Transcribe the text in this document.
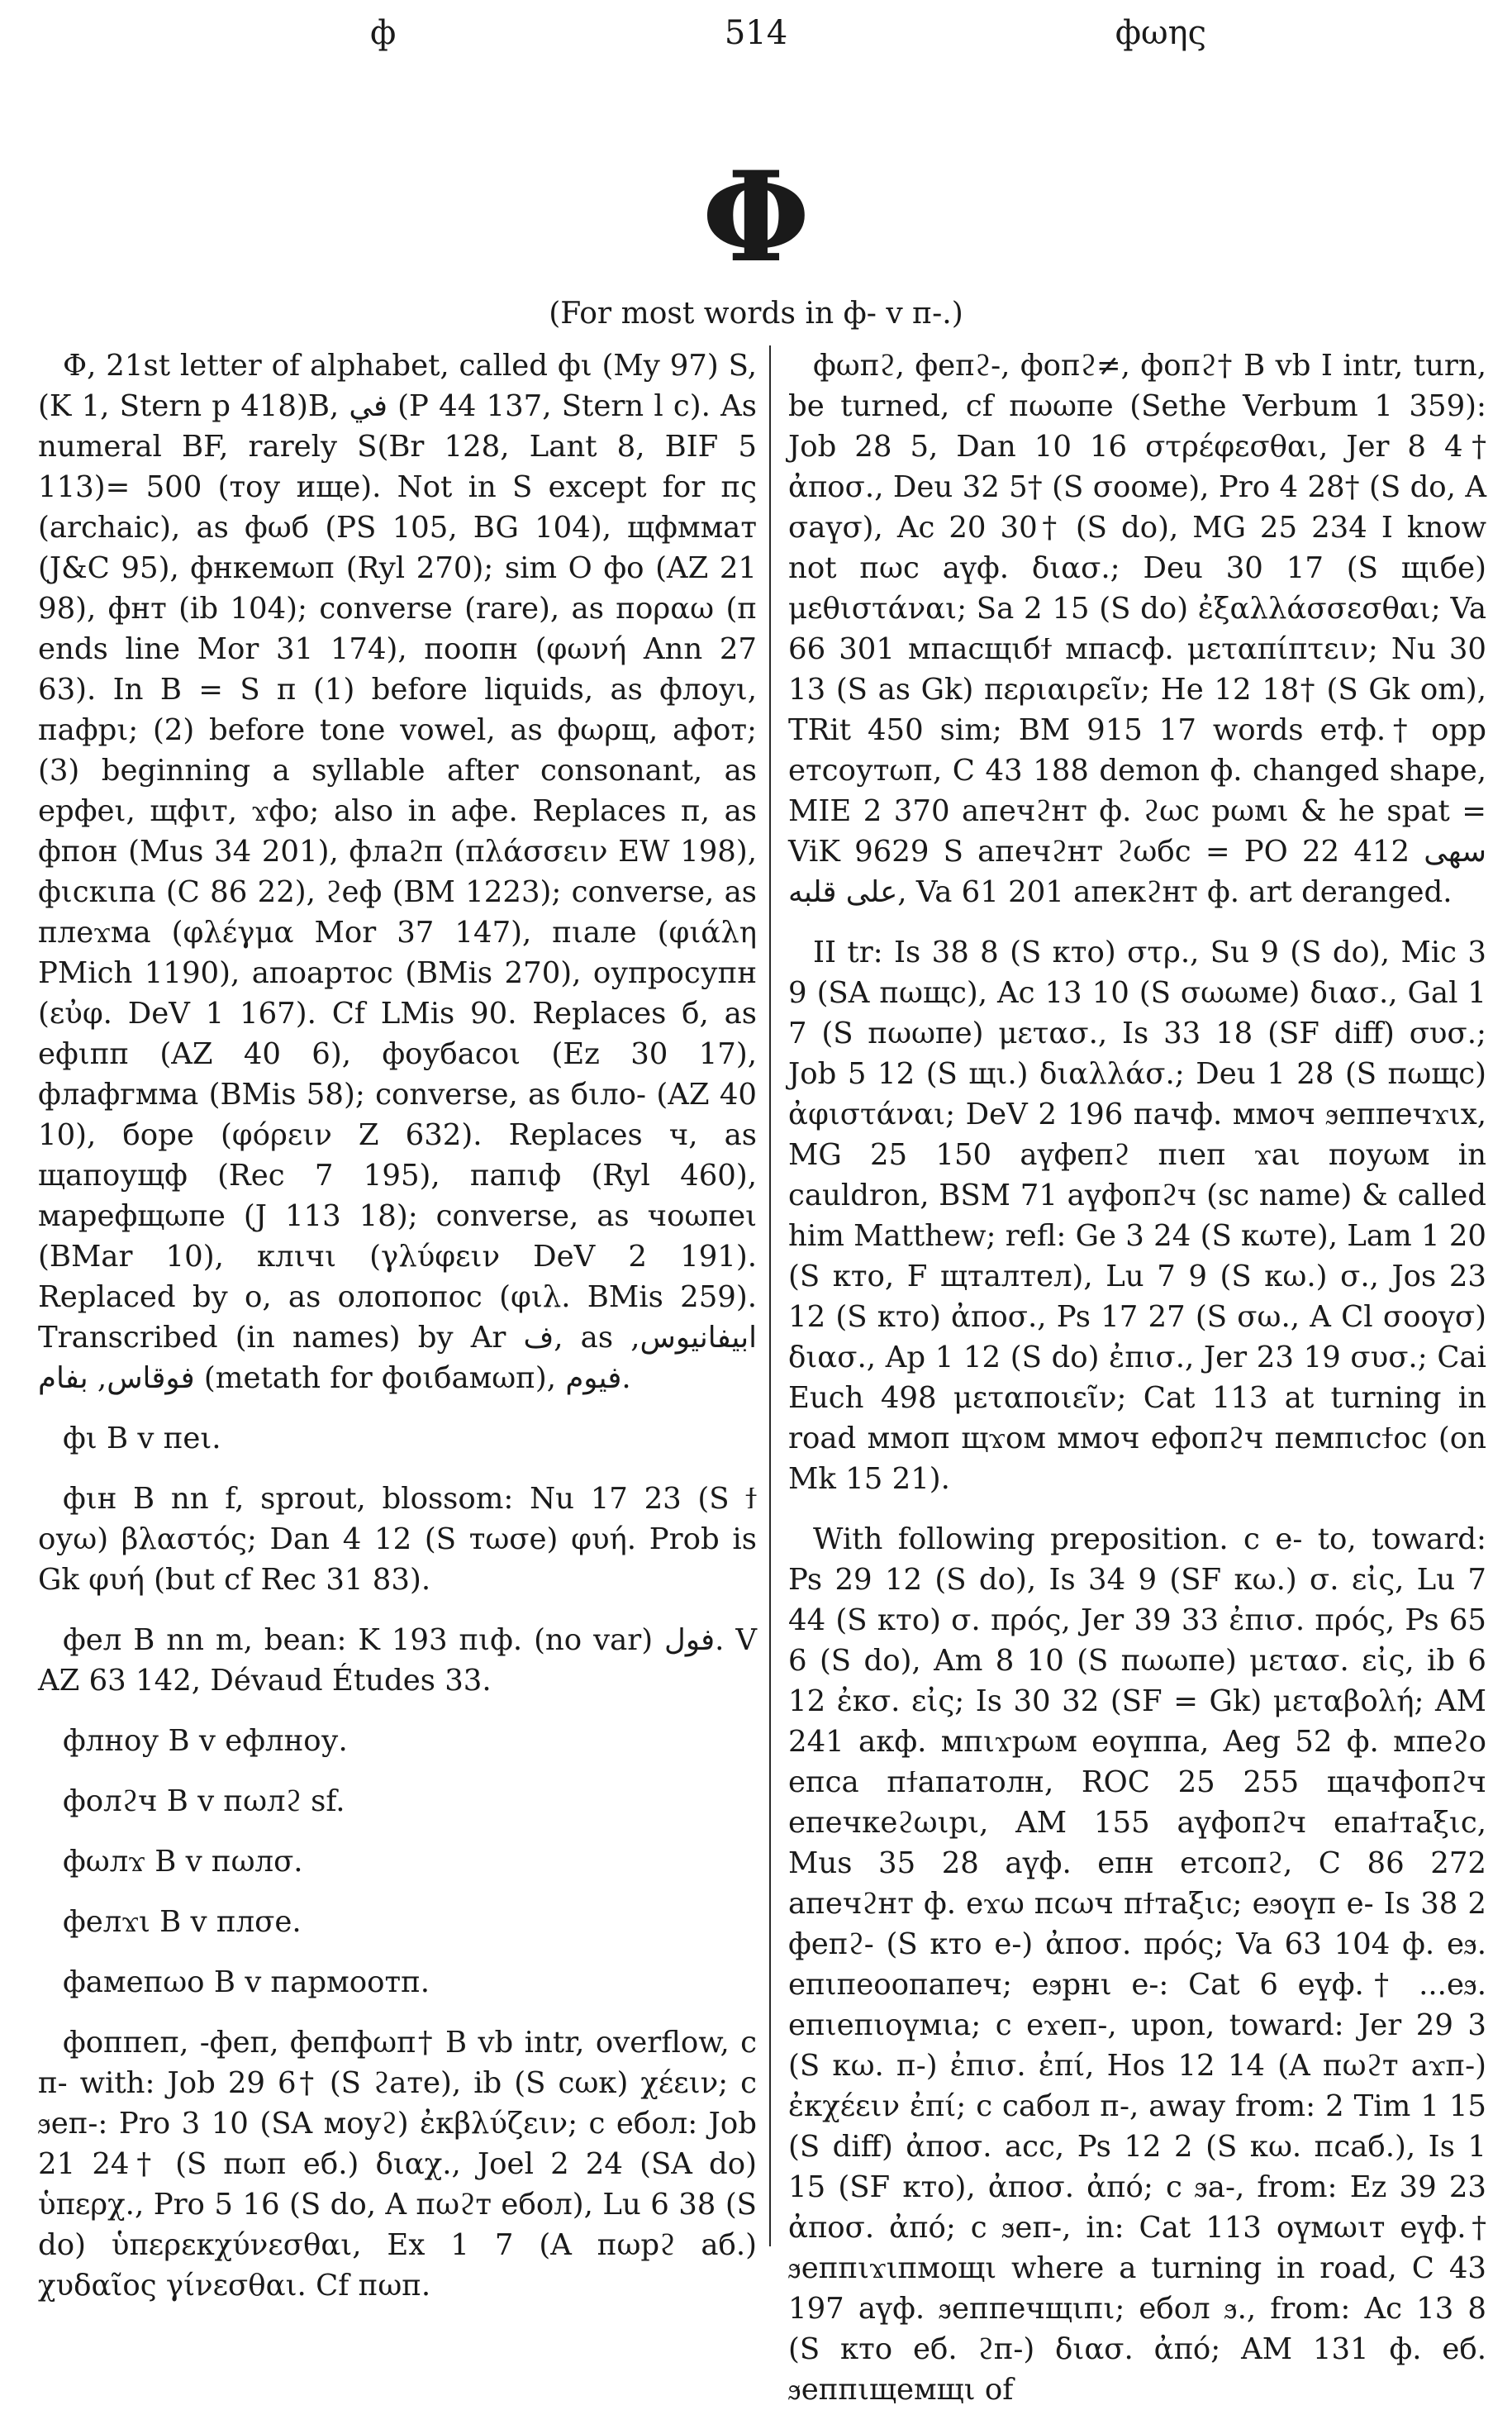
ф	514	фωης
Φ
(For most words in ф- v п-.)

Φ, 21st letter of alphabet, called фι (My 97) S, (K 1, Stern p 418)B, في (P 44 137, Stern l c). As numeral BF, rarely S(Br 128, Lant 8, BIF 5 113)= 500 (тоу ище). Not in S except for пς (archaic), as фωб (PS 105, BG 104), щфммат (J&C 95), фнкемωп (Ryl 270); sim O фо (AZ 21 98), фнт (ib 104); converse (rare), as поραω (п ends line Mor 31 174), поопн (φωνή Ann 27 63). In B = S п (1) before liquids, as флоуι, пафрι; (2) before tone vowel, as фωρщ, афот; (3) beginning a syllable after consonant, as ерфеι, щфιт, ϫфо; also in афе. Replaces п, as фпон (Mus 34 201), флаϩп (πλάσσειν EW 198), фιскιпа (C 86 22), ϩеф (BM 1223); converse, as плеϫма (φλέγμα Mor 37 147), пιале (φιάλη PMich 1190), апоартос (BMis 270), оупросупн (εὐφ. DeV 1 167). Cf LMis 90. Replaces б, as ефιпп (AZ 40 6), фоубасоι (Ez 30 17), флафгмма (BMis 58); converse, as бιло- (AZ 40 10), боре (φόρειν Z 632). Replaces ч, as щапоущф (Rec 7 195), папιф (Ryl 460), марефщωпе (J 113 18); converse, as чоωпеι (BMar 10), клιчι (γλύφειν DeV 2 191). Replaced by ο, as олопопос (φιλ. BMis 259). Transcribed (in names) by Ar ف, as ابيفانيوس, فوقاس, بفام (metath for фοιбамωп), فيوم.

фι B v пеι.

фιн B nn f, sprout, blossom: Nu 17 23 (S ϯ оуω) βλαστός; Dan 4 12 (S тωσе) φυή. Prob is Gk φυή (but cf Rec 31 83).

фел B nn m, bean: K 193 пιф. (no var) فول. V AZ 63 142, Dévaud Études 33.

флноу B v ефлноу.

фолϩч B v пωлϩ sf.

фωлϫ B v пωлσ.

фелϫι B v плσе.

фамепωо B v пармоотп.

фоппеп, -феп, фепфωп† B vb intr, overflow, с п- with: Job 29 6† (S ϩате), ib (S сωк) χέειν; с ϧеп-: Pro 3 10 (SA моуϩ) ἐκβλύζειν; с ебол: Job 21 24† (S пωп еб.) διαχ., Joel 2 24 (SA do) ὑπερχ., Pro 5 16 (S do, A пωϩт ебол), Lu 6 38 (S do) ὑπερεκχύνεσθαι, Ex 1 7 (A пωрϩ аб.) χυδαῖος γίνεσθαι. Cf пωп.

фωпϩ, фепϩ-, фопϩ≠, фопϩ† B vb I intr, turn, be turned, cf пωωпе (Sethe Verbum 1 359): Job 28 5, Dan 10 16 στρέφεσθαι, Jer 8 4† ἀποσ., Deu 32 5† (S σооме), Pro 4 28† (S do, A σаүσ), Ac 20 30† (S do), MG 25 234 I know not пωс аүф. διασ.; Deu 30 17 (S щιбе) μεθιστάναι; Sa 2 15 (S do) ἐξαλλάσσεσθαι; Va 66 301 мпасщιбϯ мпасф. μεταπίπτειν; Nu 30 13 (S as Gk) περιαιρεῖν; He 12 18† (S Gk om), TRit 450 sim; BM 915 17 words етф.† opp етсоутωп, C 43 188 demon ф. changed shape, MIE 2 370 апечϩнт ф. ϩωс рωмι & he spat = ViK 9629 S апечϩнт ϩωбс = PO 22 412 سهى على قلبه, Va 61 201 апекϩнт ф. art deranged.

II tr: Is 38 8 (S кто) στρ., Su 9 (S do), Mic 3 9 (SA пωщс), Ac 13 10 (S σωωме) διασ., Gal 1 7 (S пωωпе) μετασ., Is 33 18 (SF diff) συσ.; Job 5 12 (S щι.) διαλλάσ.; Deu 1 28 (S пωщс) ἀφιστάναι; DeV 2 196 пачф. ммоч ϧеппечϫιх, MG 25 150 аүфепϩ пιеп ϫаι поуωм in cauldron, BSM 71 аүфопϩч (sc name) & called him Matthew; refl: Ge 3 24 (S кωте), Lam 1 20 (S кто, F щталтел), Lu 7 9 (S кω.) σ., Jos 23 12 (S кто) ἀποσ., Ps 17 27 (S σω., A Cl σооүσ) διασ., Ap 1 12 (S do) ἐπισ., Jer 23 19 συσ.; Cai Euch 498 μεταποιεῖν; Cat 113 at turning in road ммоп щϫом ммоч ефопϩч пемпιсϯос (on Mk 15 21).

With following preposition. с е- to, toward: Ps 29 12 (S do), Is 34 9 (SF кω.) σ. εἰς, Lu 7 44 (S кто) σ. πρός, Jer 39 33 ἐπισ. πρός, Ps 65 6 (S do), Am 8 10 (S пωωпе) μετασ. εἰς, ib 6 12 ἐκσ. εἰς; Is 30 32 (SF = Gk) μεταβολή; AM 241 акф. мпιϫрωм еоүппа, Aeg 52 ф. мпеϩо епса пϯапатолн, ROC 25 255 щачфопϩч епечкеϩωιрι, AM 155 аүфопϩч епаϯтаξιс, Mus 35 28 аүф. епн етсопϩ, C 86 272 апечϩнт ф. еϫω псωч пϯтаξιс; еϧоүп е- Is 38 2 фепϩ- (S кто е-) ἀποσ. πρός; Va 63 104 ф. еϧ. епιпеоопапеч; еϧрнι е-: Cat 6 еүф.† ...еϧ. епιепιоүмιа; с еϫеп-, upon, toward: Jer 29 3 (S кω. п-) ἐπισ. ἐπί, Hos 12 14 (A пωϩт аϫп-) ἐκχέειν ἐπί; с сабол п-, away from: 2 Tim 1 15 (S diff) ἀποσ. acc, Ps 12 2 (S кω. псаб.), Is 1 15 (SF кто), ἀποσ. ἀπό; с ϧа-, from: Ez 39 23 ἀποσ. ἀπό; с ϧеп-, in: Cat 113 оүмωιт еүф.† ϧеппιϫιпмοщι where a turning in road, C 43 197 аүф. ϧеппечщιпι; ебол ϧ., from: Ac 13 8 (S кто еб. ϩп-) διασ. ἀπό; AM 131 ф. еб. ϧеппιщемщι of
